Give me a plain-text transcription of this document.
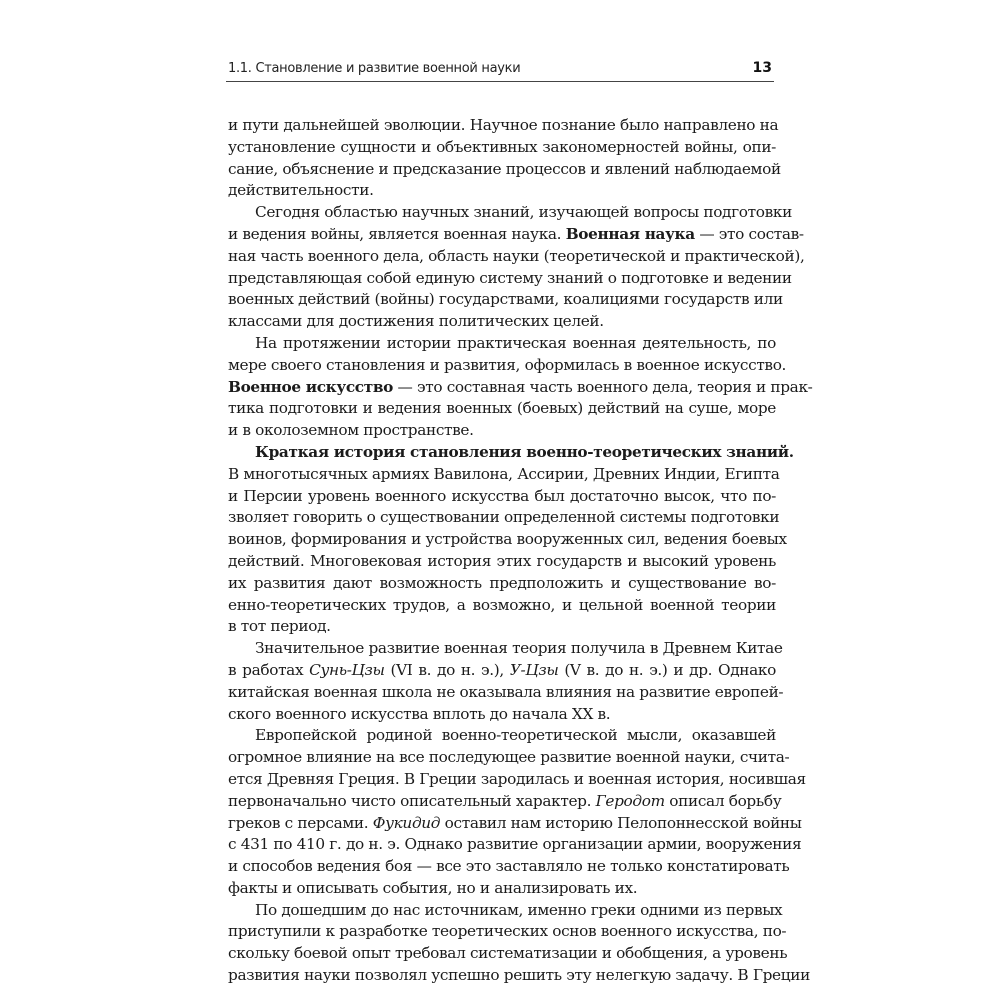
1.1. Становление и развитие военной науки	13
и пути дальнейшей эволюции. Научное познание было направлено на
установление сущности и объективных закономерностей войны, опи-
сание, объяснение и предсказание процессов и явлений наблюдаемой
действительности.
Сегодня областью научных знаний, изучающей вопросы подготовки
и ведения войны, является военная наука. Военная наука — это состав-
ная часть военного дела, область науки (теоретической и практической),
представляющая собой единую систему знаний о подготовке и ведении
военных действий (войны) государствами, коалициями государств или
классами для достижения политических целей.
На протяжении истории практическая военная деятельность, по
мере своего становления и развития, оформилась в военное искусство.
Военное искусство — это составная часть военного дела, теория и прак-
тика подготовки и ведения военных (боевых) действий на суше, море
и в околоземном пространстве.
Краткая история становления военно-теоретических знаний.
В многотысячных армиях Вавилона, Ассирии, Древних Индии, Египта
и Персии уровень военного искусства был достаточно высок, что по-
зволяет говорить о существовании определенной системы подготовки
воинов, формирования и устройства вооруженных сил, ведения боевых
действий. Многовековая история этих государств и высокий уровень
их развития дают возможность предположить и существование во-
енно-теоретических трудов, а возможно, и цельной военной теории
в тот период.
Значительное развитие военная теория получила в Древнем Китае
в работах Сунь-Цзы (VI в. до н. э.), У-Цзы (V в. до н. э.) и др. Однако
китайская военная школа не оказывала влияния на развитие европей-
ского военного искусства вплоть до начала XX в.
Европейской родиной военно-теоретической мысли, оказавшей
огромное влияние на все последующее развитие военной науки, счита-
ется Древняя Греция. В Греции зародилась и военная история, носившая
первоначально чисто описательный характер. Геродот описал борьбу
греков с персами. Фукидид оставил нам историю Пелопоннесской войны
с 431 по 410 г. до н. э. Однако развитие организации армии, вооружения
и способов ведения боя — все это заставляло не только констатировать
факты и описывать события, но и анализировать их.
По дошедшим до нас источникам, именно греки одними из первых
приступили к разработке теоретических основ военного искусства, по-
скольку боевой опыт требовал систематизации и обобщения, а уровень
развития науки позволял успешно решить эту нелегкую задачу. В Греции
